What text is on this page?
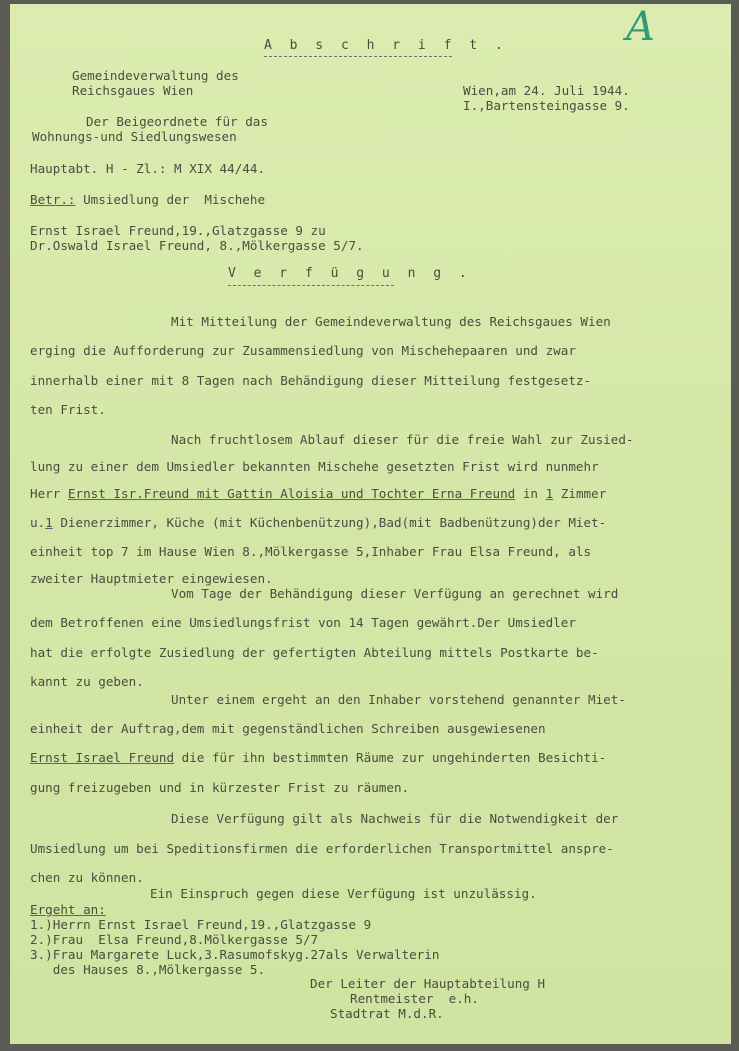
A b s c h r i f t .	A
Gemeindeverwaltung des
Reichsgaues Wien
Der Beigeordnete für das
Wohnungs-und Siedlungswesen
Wien,am 24. Juli 1944.
I.,Bartensteingasse 9.
Hauptabt. H - Zl.: M XIX 44/44.
Betr.: Umsiedlung der  Mischehe
Ernst Israel Freund,19.,Glatzgasse 9 zu
Dr.Oswald Israel Freund, 8.,Mölkergasse 5/7.
V e r f ü g u n g .
Mit Mitteilung der Gemeindeverwaltung des Reichsgaues Wien
erging die Aufforderung zur Zusammensiedlung von Mischehepaaren und zwar
innerhalb einer mit 8 Tagen nach Behändigung dieser Mitteilung festgesetz-
ten Frist.
Nach fruchtlosem Ablauf dieser für die freie Wahl zur Zusied-
lung zu einer dem Umsiedler bekannten Mischehe gesetzten Frist wird nunmehr
Herr Ernst Isr.Freund mit Gattin Aloisia und Tochter Erna Freund in 1 Zimmer
u.1 Dienerzimmer, Küche (mit Küchenbenützung),Bad(mit Badbenützung)der Miet-
einheit top 7 im Hause Wien 8.,Mölkergasse 5,Inhaber Frau Elsa Freund, als
zweiter Hauptmieter eingewiesen.
Vom Tage der Behändigung dieser Verfügung an gerechnet wird
dem Betroffenen eine Umsiedlungsfrist von 14 Tagen gewährt.Der Umsiedler
hat die erfolgte Zusiedlung der gefertigten Abteilung mittels Postkarte be-
kannt zu geben.
Unter einem ergeht an den Inhaber vorstehend genannter Miet-
einheit der Auftrag,dem mit gegenständlichen Schreiben ausgewiesenen
Ernst Israel Freund die für ihn bestimmten Räume zur ungehinderten Besichti-
gung freizugeben und in kürzester Frist zu räumen.
Diese Verfügung gilt als Nachweis für die Notwendigkeit der
Umsiedlung um bei Speditionsfirmen die erforderlichen Transportmittel anspre-
chen zu können.
Ein Einspruch gegen diese Verfügung ist unzulässig.
Ergeht an:
1.)Herrn Ernst Israel Freund,19.,Glatzgasse 9
2.)Frau  Elsa Freund,8.Mölkergasse 5/7
3.)Frau Margarete Luck,3.Rasumofskyg.27als Verwalterin
des Hauses 8.,Mölkergasse 5.
Der Leiter der Hauptabteilung H
Rentmeister  e.h.
Stadtrat M.d.R.
